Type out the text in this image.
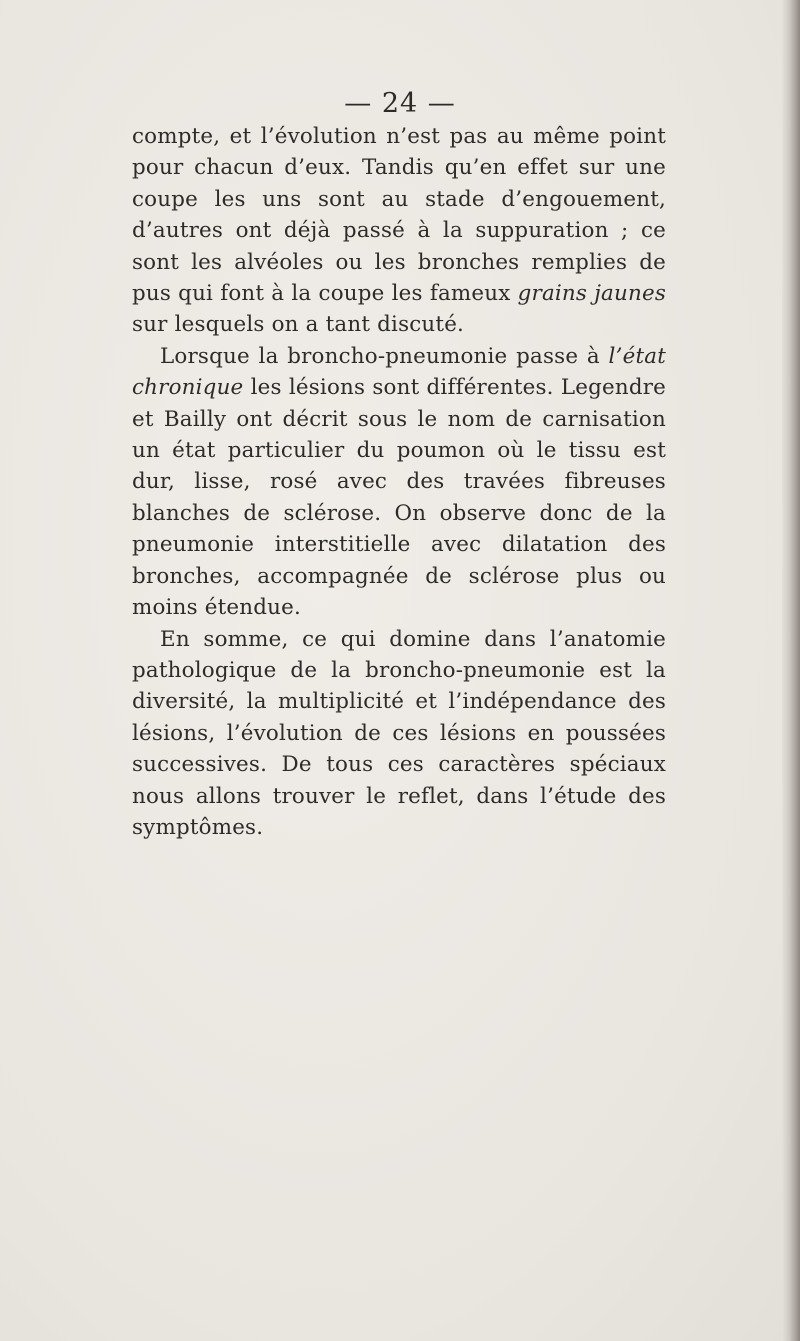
— 24 —

compte, et l’évolution n’est pas au même point pour chacun d’eux. Tandis qu’en effet sur une coupe les uns sont au stade d’engouement, d’autres ont déjà passé à la suppuration ; ce sont les alvéoles ou les bronches remplies de pus qui font à la coupe les fameux grains jaunes sur lesquels on a tant discuté.

Lorsque la broncho-pneumonie passe à l’état chronique les lésions sont différentes. Legendre et Bailly ont décrit sous le nom de carnisation un état particulier du poumon où le tissu est dur, lisse, rosé avec des travées fibreuses blanches de sclérose. On observe donc de la pneumonie interstitielle avec dilatation des bronches, accompagnée de sclérose plus ou moins étendue.

En somme, ce qui domine dans l’anatomie pathologique de la broncho-pneumonie est la diversité, la multiplicité et l’indépendance des lésions, l’évolution de ces lésions en poussées successives. De tous ces caractères spéciaux nous allons trouver le reflet, dans l’étude des symptômes.
